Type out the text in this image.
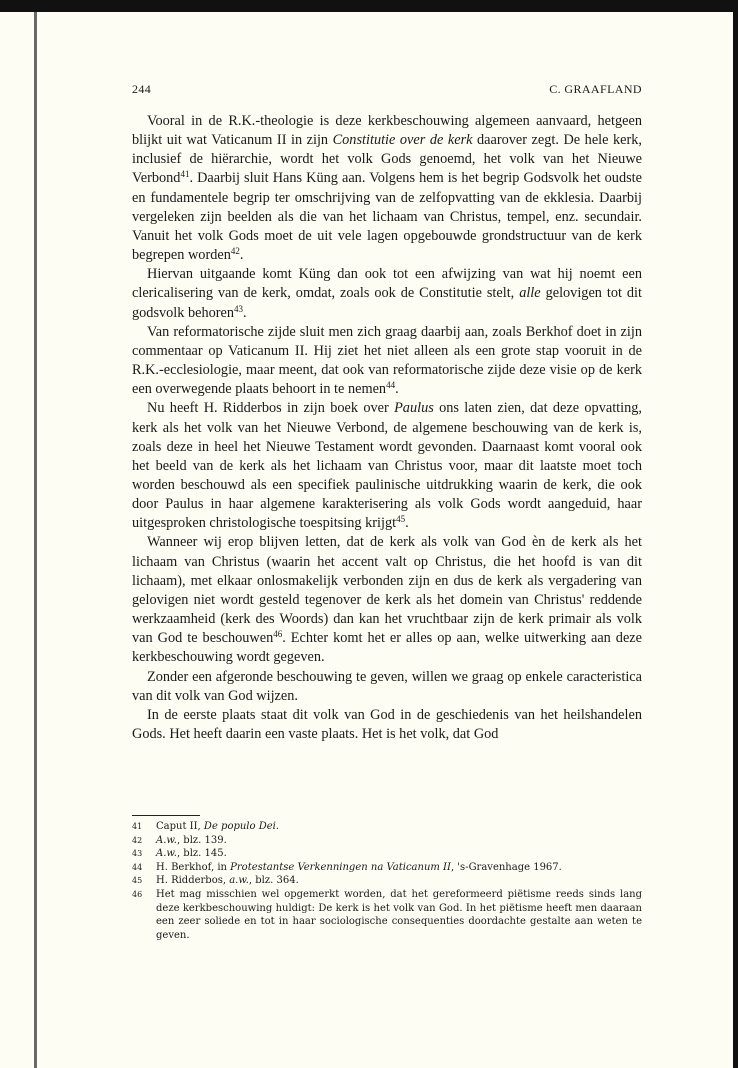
244	C. GRAAFLAND

Vooral in de R.K.-theologie is deze kerkbeschouwing algemeen aanvaard, hetgeen blijkt uit wat Vaticanum II in zijn Constitutie over de kerk daarover zegt. De hele kerk, inclusief de hiërarchie, wordt het volk Gods genoemd, het volk van het Nieuwe Verbond$^{41}$. Daarbij sluit Hans Küng aan. Volgens hem is het begrip Godsvolk het oudste en fundamentele begrip ter omschrijving van de zelfopvatting van de ekklesia. Daarbij vergeleken zijn beelden als die van het lichaam van Christus, tempel, enz. secundair. Vanuit het volk Gods moet de uit vele lagen opgebouwde grondstructuur van de kerk begrepen worden$^{42}$.

Hiervan uitgaande komt Küng dan ook tot een afwijzing van wat hij noemt een clericalisering van de kerk, omdat, zoals ook de Constitutie stelt, alle gelovigen tot dit godsvolk behoren$^{43}$.

Van reformatorische zijde sluit men zich graag daarbij aan, zoals Berkhof doet in zijn commentaar op Vaticanum II. Hij ziet het niet alleen als een grote stap vooruit in de R.K.-ecclesiologie, maar meent, dat ook van reformatorische zijde deze visie op de kerk een overwegende plaats behoort in te nemen$^{44}$.

Nu heeft H. Ridderbos in zijn boek over Paulus ons laten zien, dat deze opvatting, kerk als het volk van het Nieuwe Verbond, de algemene beschouwing van de kerk is, zoals deze in heel het Nieuwe Testament wordt gevonden. Daarnaast komt vooral ook het beeld van de kerk als het lichaam van Christus voor, maar dit laatste moet toch worden beschouwd als een specifiek paulinische uitdrukking waarin de kerk, die ook door Paulus in haar algemene karakterisering als volk Gods wordt aangeduid, haar uitgesproken christologische toespitsing krijgt$^{45}$.

Wanneer wij erop blijven letten, dat de kerk als volk van God èn de kerk als het lichaam van Christus (waarin het accent valt op Christus, die het hoofd is van dit lichaam), met elkaar onlosmakelijk verbonden zijn en dus de kerk als vergadering van gelovigen niet wordt gesteld tegenover de kerk als het domein van Christus' reddende werkzaamheid (kerk des Woords) dan kan het vruchtbaar zijn de kerk primair als volk van God te beschouwen$^{46}$. Echter komt het er alles op aan, welke uitwerking aan deze kerkbeschouwing wordt gegeven.

Zonder een afgeronde beschouwing te geven, willen we graag op enkele caracteristica van dit volk van God wijzen.

In de eerste plaats staat dit volk van God in de geschiedenis van het heilshandelen Gods. Het heeft daarin een vaste plaats. Het is het volk, dat God

41 Caput II, De populo Dei.
42 A.w., blz. 139.
43 A.w., blz. 145.
44 H. Berkhof, in Protestantse Verkenningen na Vaticanum II, 's-Gravenhage 1967.
45 H. Ridderbos, a.w., blz. 364.
46 Het mag misschien wel opgemerkt worden, dat het gereformeerd piëtisme reeds sinds lang deze kerkbeschouwing huldigt: De kerk is het volk van God. In het piëtisme heeft men daaraan een zeer soliede en tot in haar sociologische consequenties doordachte gestalte aan weten te geven.
